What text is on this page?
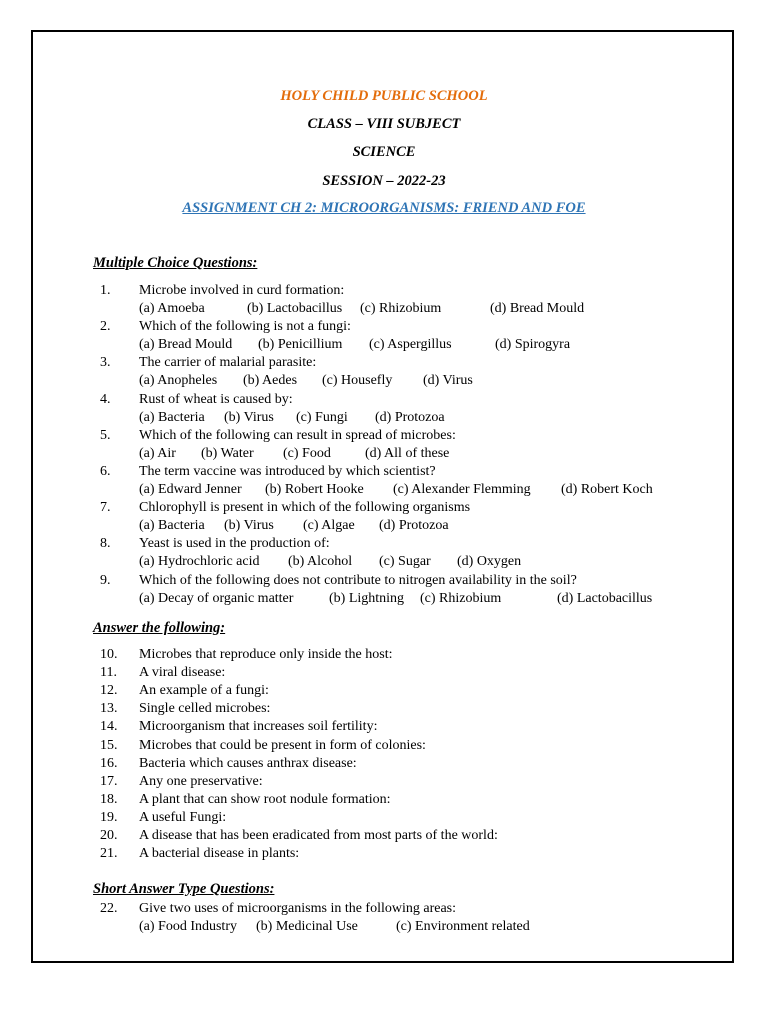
HOLY CHILD PUBLIC SCHOOL
CLASS – VIII SUBJECT
SCIENCE
SESSION – 2022-23
ASSIGNMENT CH 2: MICROORGANISMS: FRIEND AND FOE
Multiple Choice Questions:
1.	Microbe involved in curd formation:
(a) Amoeba	(b) Lactobacillus (c) Rhizobium	(d) Bread Mould
2.	Which of the following is not a fungi:
(a) Bread Mould (b) Penicillium (c) Aspergillus	(d) Spirogyra
3.	The carrier of malarial parasite:
(a) Anopheles (b) Aedes (c) Housefly (d) Virus
4.	Rust of wheat is caused by:
(a) Bacteria (b) Virus (c) Fungi (d) Protozoa
5.	Which of the following can result in spread of microbes:
(a) Air (b) Water (c) Food (d) All of these
6.	The term vaccine was introduced by which scientist?
(a) Edward Jenner (b) Robert Hooke (c) Alexander Flemming (d) Robert Koch
7.	Chlorophyll is present in which of the following organisms
(a) Bacteria (b) Virus (c) Algae (d) Protozoa
8.	Yeast is used in the production of:
(a) Hydrochloric acid (b) Alcohol (c) Sugar (d) Oxygen
9.	Which of the following does not contribute to nitrogen availability in the soil?
(a) Decay of organic matter	(b) Lightning (c) Rhizobium	(d) Lactobacillus
Answer the following:
10.	Microbes that reproduce only inside the host:
11.	A viral disease:
12.	An example of a fungi:
13.	Single celled microbes:
14.	Microorganism that increases soil fertility:
15.	Microbes that could be present in form of colonies:
16.	Bacteria which causes anthrax disease:
17.	Any one preservative:
18.	A plant that can show root nodule formation:
19.	A useful Fungi:
20.	A disease that has been eradicated from most parts of the world:
21.	A bacterial disease in plants:
Short Answer Type Questions:
22.	Give two uses of microorganisms in the following areas:
(a) Food Industry (b) Medicinal Use	(c) Environment related
